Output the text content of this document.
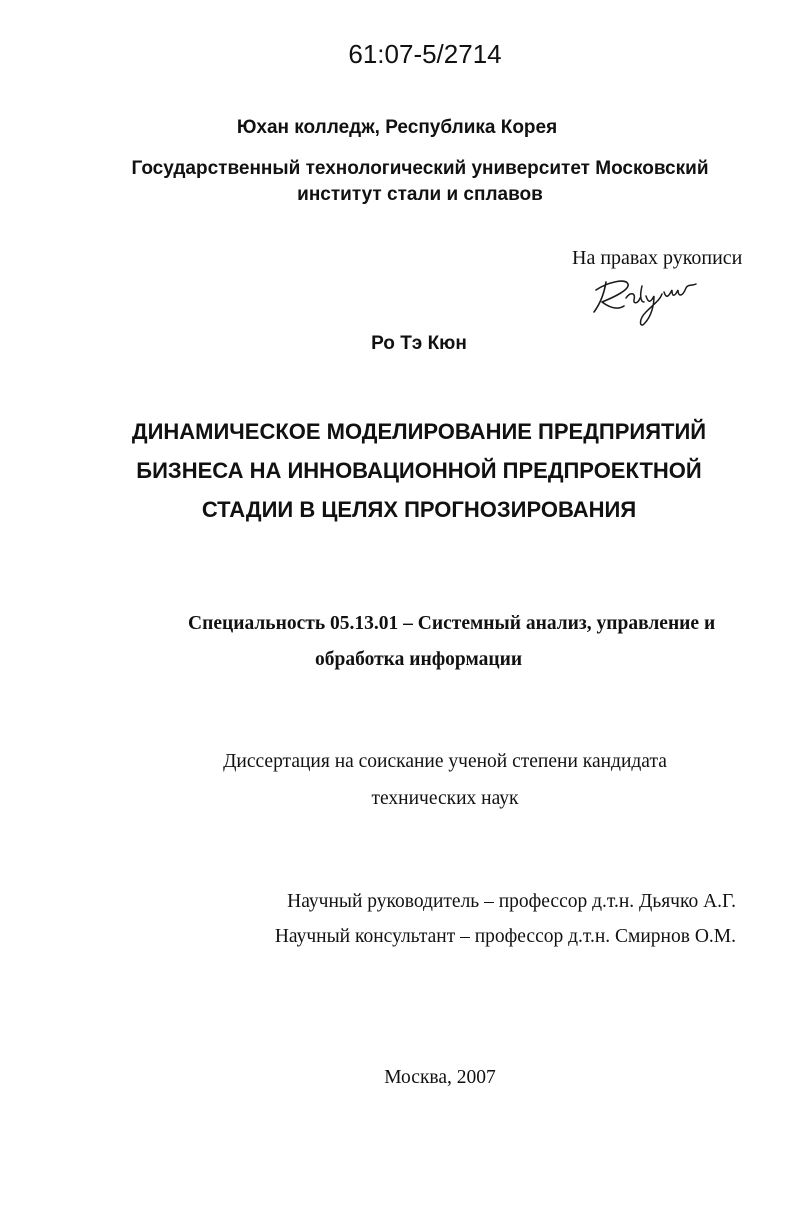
61:07-5/2714
Юхан колледж, Республика Корея
Государственный технологический университет Московский
институт стали и сплавов
На правах рукописи
Ро Тэ Кюн
ДИНАМИЧЕСКОЕ МОДЕЛИРОВАНИЕ ПРЕДПРИЯТИЙ
БИЗНЕСА НА ИННОВАЦИОННОЙ ПРЕДПРОЕКТНОЙ
СТАДИИ В ЦЕЛЯХ ПРОГНОЗИРОВАНИЯ
Специальность 05.13.01 – Системный анализ, управление и
обработка информации
Диссертация на соискание ученой степени кандидата
технических наук
Научный руководитель – профессор д.т.н. Дьячко А.Г.
Научный консультант – профессор д.т.н. Смирнов О.М.
Москва, 2007
